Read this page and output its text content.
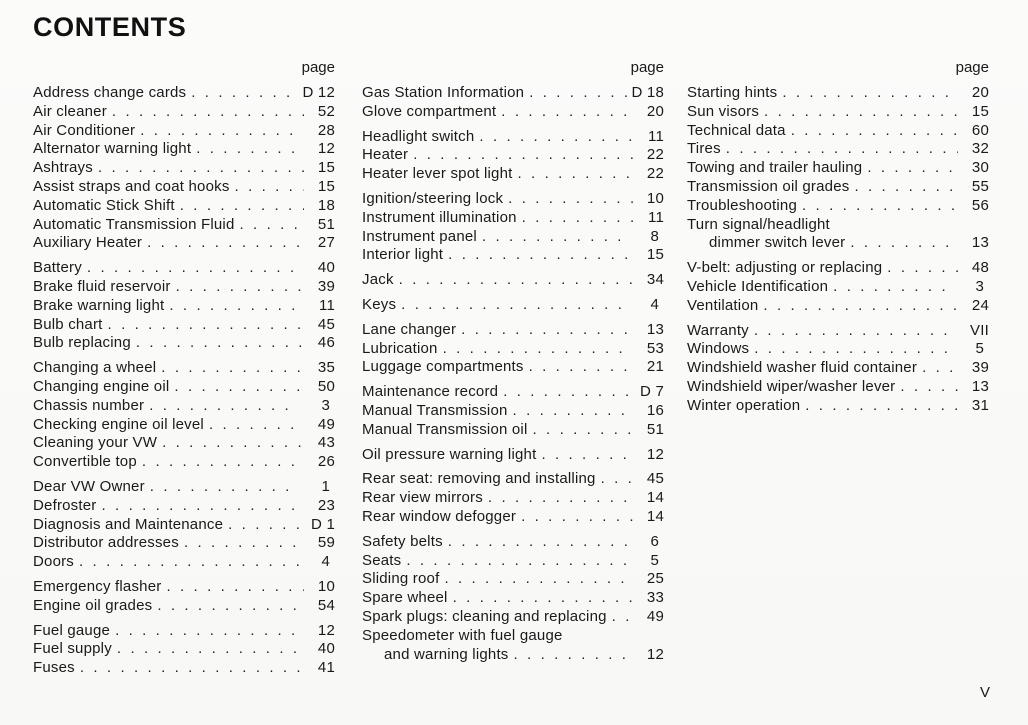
CONTENTS
page
Address change cards . . .	D 12
Air cleaner . . .	52
Air Conditioner . . .	28
Alternator warning light . . .	12
Ashtrays . . .	15
Assist straps and coat hooks . . .	15
Automatic Stick Shift . . .	18
Automatic Transmission Fluid . . .	51
Auxiliary Heater . . .	27
Battery . . .	40
Brake fluid reservoir . . .	39
Brake warning light . . .	11
Bulb chart . . .	45
Bulb replacing . . .	46
Changing a wheel . . .	35
Changing engine oil . . .	50
Chassis number . . .	3
Checking engine oil level . . .	49
Cleaning your VW . . .	43
Convertible top . . .	26
Dear VW Owner . . .	1
Defroster . . .	23
Diagnosis and Maintenance . . .	D 1
Distributor addresses . . .	59
Doors . . .	4
Emergency flasher . . .	10
Engine oil grades . . .	54
Fuel gauge . . .	12
Fuel supply . . .	40
Fuses . . .	41
page
Gas Station Information . . .	D 18
Glove compartment . . .	20
Headlight switch . . .	11
Heater . . .	22
Heater lever spot light . . .	22
Ignition/steering lock . . .	10
Instrument illumination . . .	11
Instrument panel . . .	8
Interior light . . .	15
Jack . . .	34
Keys . . .	4
Lane changer . . .	13
Lubrication . . .	53
Luggage compartments . . .	21
Maintenance record . . .	D 7
Manual Transmission . . .	16
Manual Transmission oil . . .	51
Oil pressure warning light . . .	12
Rear seat: removing and installing . . .	45
Rear view mirrors . . .	14
Rear window defogger . . .	14
Safety belts . . .	6
Seats . . .	5
Sliding roof . . .	25
Spare wheel . . .	33
Spark plugs: cleaning and replacing . . .	49
Speedometer with fuel gauge
and warning lights . . .	12
page
Starting hints . . .	20
Sun visors . . .	15
Technical data . . .	60
Tires . . .	32
Towing and trailer hauling . . .	30
Transmission oil grades . . .	55
Troubleshooting . . .	56
Turn signal/headlight
dimmer switch lever . . .	13
V-belt: adjusting or replacing . . .	48
Vehicle Identification . . .	3
Ventilation . . .	24
Warranty . . .	VII
Windows . . .	5
Windshield washer fluid container . . .	39
Windshield wiper/washer lever . . .	13
Winter operation . . .	31
V
